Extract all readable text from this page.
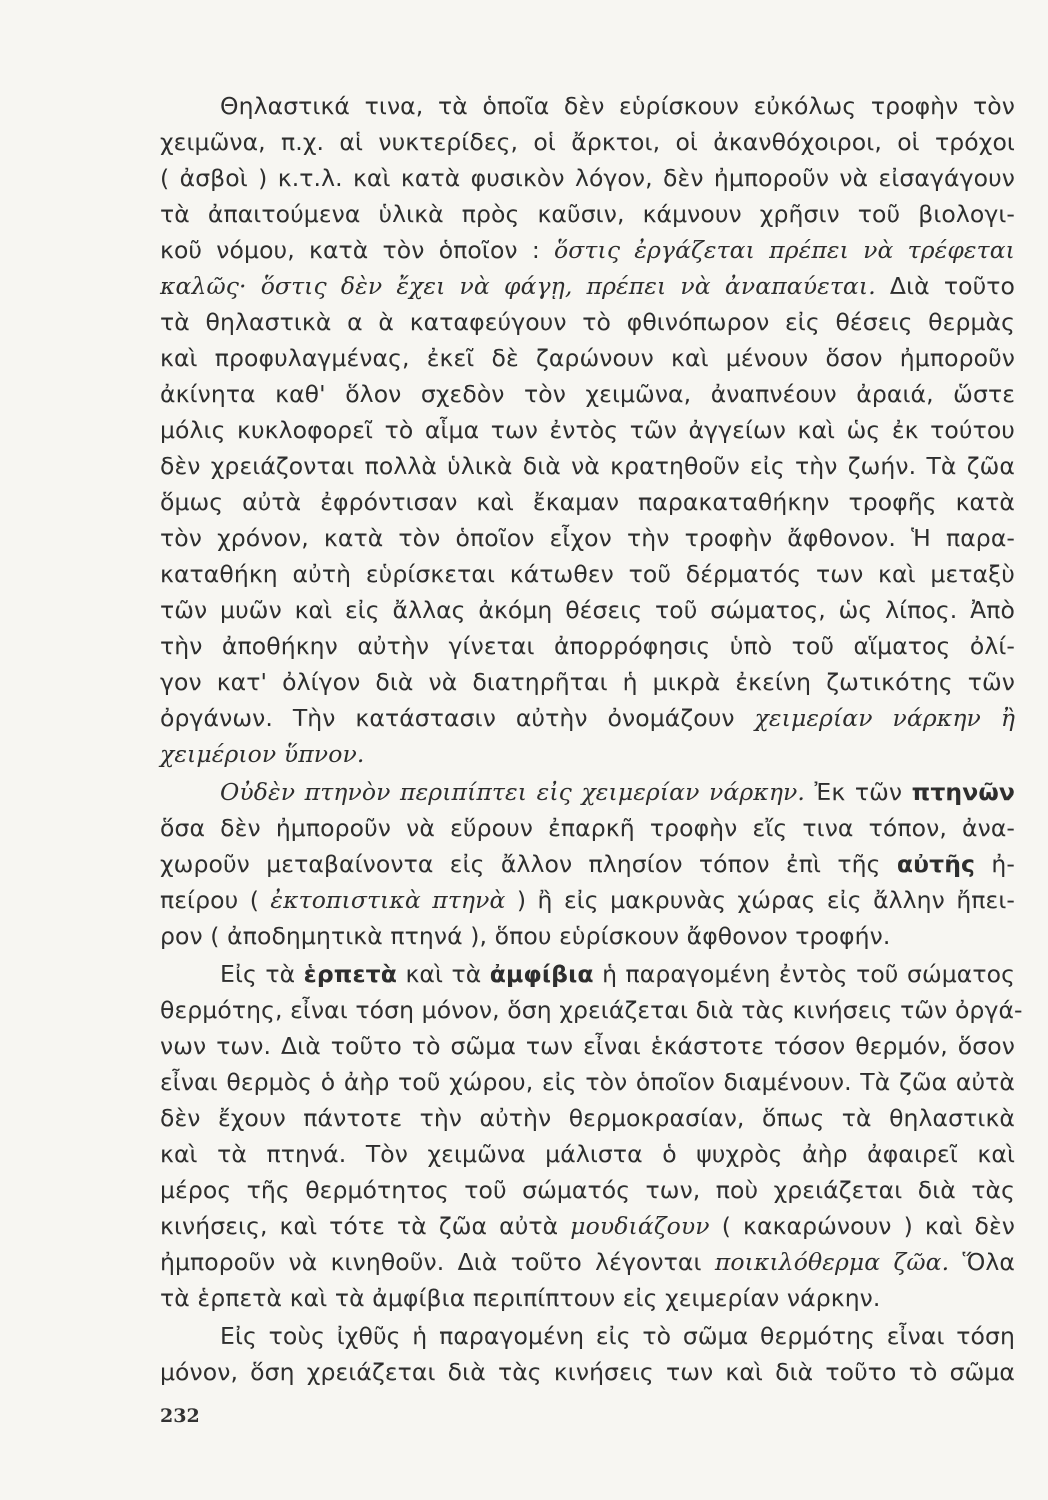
Θηλαστικά τινα, τὰ ὁποῖα δὲν εὑρίσκουν εὐκόλως τροφὴν τὸν
χειμῶνα, π.χ. αἱ νυκτερίδες, οἱ ἄρκτοι, οἱ ἀκανθόχοιροι, οἱ τρόχοι
( ἀσβοὶ ) κ.τ.λ. καὶ κατὰ φυσικὸν λόγον, δὲν ἠμποροῦν νὰ εἰσαγάγουν
τὰ ἀπαιτούμενα ὑλικὰ πρὸς καῦσιν, κάμνουν χρῆσιν τοῦ βιολογι-
κοῦ νόμου, κατὰ τὸν ὁποῖον : ὅστις ἐργάζεται πρέπει νὰ τρέφεται
καλῶς· ὅστις δὲν ἔχει νὰ φάγῃ, πρέπει νὰ ἀναπαύεται. Διὰ τοῦτο
τὰ θηλαστικὰ α ὰ καταφεύγουν τὸ φθινόπωρον εἰς θέσεις θερμὰς
καὶ προφυλαγμένας, ἐκεῖ δὲ ζαρώνουν καὶ μένουν ὅσον ἠμποροῦν
ἀκίνητα καθ' ὅλον σχεδὸν τὸν χειμῶνα, ἀναπνέουν ἀραιά, ὥστε
μόλις κυκλοφορεῖ τὸ αἷμα των ἐντὸς τῶν ἀγγείων καὶ ὡς ἐκ τούτου
δὲν χρειάζονται πολλὰ ὑλικὰ διὰ νὰ κρατηθοῦν εἰς τὴν ζωήν. Τὰ ζῶα
ὅμως αὐτὰ ἐφρόντισαν καὶ ἔκαμαν παρακαταθήκην τροφῆς κατὰ
τὸν χρόνον, κατὰ τὸν ὁποῖον εἶχον τὴν τροφὴν ἄφθονον. Ἡ παρα-
καταθήκη αὐτὴ εὑρίσκεται κάτωθεν τοῦ δέρματός των καὶ μεταξὺ
τῶν μυῶν καὶ εἰς ἄλλας ἀκόμη θέσεις τοῦ σώματος, ὡς λίπος. Ἀπὸ
τὴν ἀποθήκην αὐτὴν γίνεται ἀπορρόφησις ὑπὸ τοῦ αἵματος ὀλί-
γον κατ' ὀλίγον διὰ νὰ διατηρῆται ἡ μικρὰ ἐκείνη ζωτικότης τῶν
ὀργάνων. Τὴν κατάστασιν αὐτὴν ὀνομάζουν χειμερίαν νάρκην ἢ
χειμέριον ὕπνον.
Οὐδὲν πτηνὸν περιπίπτει εἰς χειμερίαν νάρκην. Ἐκ τῶν πτηνῶν
ὅσα δὲν ἠμποροῦν νὰ εὕρουν ἐπαρκῆ τροφὴν εἴς τινα τόπον, ἀνα-
χωροῦν μεταβαίνοντα εἰς ἄλλον πλησίον τόπον ἐπὶ τῆς αὐτῆς ἠ-
πείρου ( ἐκτοπιστικὰ πτηνὰ ) ἢ εἰς μακρυνὰς χώρας εἰς ἄλλην ἤπει-
ρον ( ἀποδημητικὰ πτηνά ), ὅπου εὑρίσκουν ἄφθονον τροφήν.
Εἰς τὰ ἑρπετὰ καὶ τὰ ἀμφίβια ἡ παραγομένη ἐντὸς τοῦ σώματος
θερμότης, εἶναι τόση μόνον, ὅση χρειάζεται διὰ τὰς κινήσεις τῶν ὀργά-
νων των. Διὰ τοῦτο τὸ σῶμα των εἶναι ἑκάστοτε τόσον θερμόν, ὅσον
εἶναι θερμὸς ὁ ἀὴρ τοῦ χώρου, εἰς τὸν ὁποῖον διαμένουν. Τὰ ζῶα αὐτὰ
δὲν ἔχουν πάντοτε τὴν αὐτὴν θερμοκρασίαν, ὅπως τὰ θηλαστικὰ
καὶ τὰ πτηνά. Τὸν χειμῶνα μάλιστα ὁ ψυχρὸς ἀὴρ ἀφαιρεῖ καὶ
μέρος τῆς θερμότητος τοῦ σώματός των, ποὺ χρειάζεται διὰ τὰς
κινήσεις, καὶ τότε τὰ ζῶα αὐτὰ μουδιάζουν ( κακαρώνουν ) καὶ δὲν
ἠμποροῦν νὰ κινηθοῦν. Διὰ τοῦτο λέγονται ποικιλόθερμα ζῶα. Ὅλα
τὰ ἑρπετὰ καὶ τὰ ἀμφίβια περιπίπτουν εἰς χειμερίαν νάρκην.
Εἰς τοὺς ἰχθῦς ἡ παραγομένη εἰς τὸ σῶμα θερμότης εἶναι τόση
μόνον, ὅση χρειάζεται διὰ τὰς κινήσεις των καὶ διὰ τοῦτο τὸ σῶμα
232
